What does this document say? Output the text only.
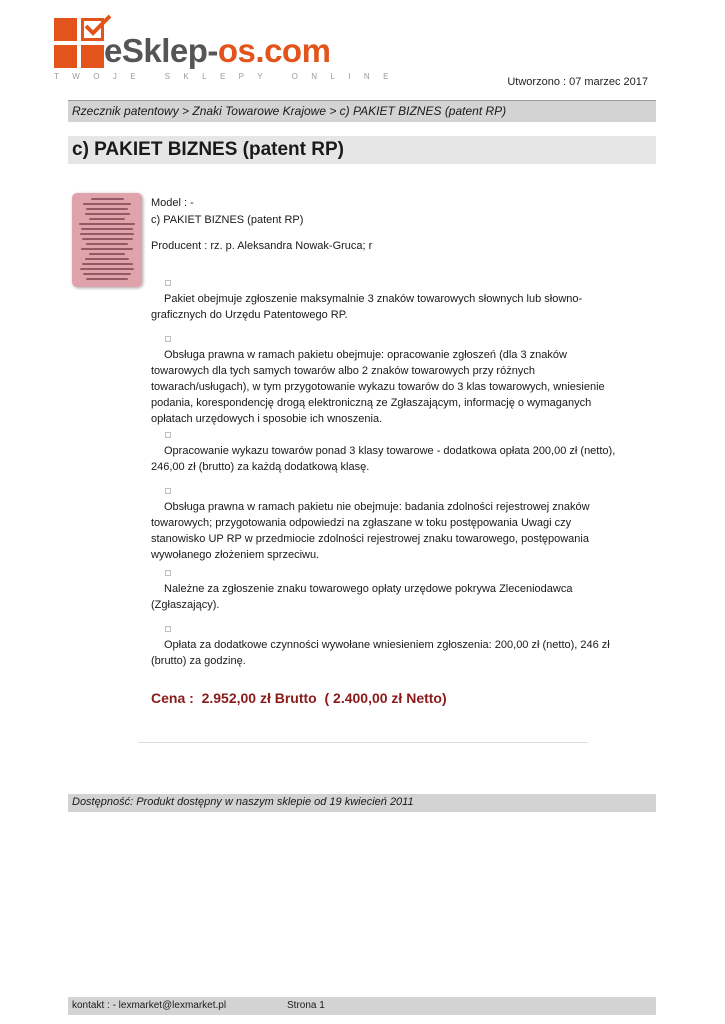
eSklep-os.com
TWOJE SKLEPY ONLINE	Utworzono : 07 marzec 2017
Rzecznik patentowy > Znaki Towarowe Krajowe > c) PAKIET BIZNES (patent RP)
c) PAKIET BIZNES (patent RP)
Model : -
c) PAKIET BIZNES (patent RP)
Producent : rz. p. Aleksandra Nowak-Gruca; r
Pakiet obejmuje zgłoszenie maksymalnie 3 znaków towarowych słownych lub słowno-graficznych do Urzędu Patentowego RP.
Obsługa prawna w ramach pakietu obejmuje: opracowanie zgłoszeń (dla 3 znaków towarowych dla tych samych towarów albo 2 znaków towarowych przy różnych towarach/usługach), w tym przygotowanie wykazu towarów do 3 klas towarowych, wniesienie podania, korespondencję drogą elektroniczną ze Zgłaszającym, informację o wymaganych opłatach urzędowych i sposobie ich wnoszenia.
Opracowanie wykazu towarów ponad 3 klasy towarowe - dodatkowa opłata 200,00 zł (netto), 246,00 zł (brutto) za każdą dodatkową klasę.
Obsługa prawna w ramach pakietu nie obejmuje: badania zdolności rejestrowej znaków towarowych; przygotowania odpowiedzi na zgłaszane w toku postępowania Uwagi czy stanowisko UP RP w przedmiocie zdolności rejestrowej znaku towarowego, postępowania wywołanego złożeniem sprzeciwu.
Należne za zgłoszenie znaku towarowego opłaty urzędowe pokrywa Zleceniodawca (Zgłaszający).
Opłata za dodatkowe czynności wywołane wniesieniem zgłoszenia: 200,00 zł (netto), 246 zł (brutto) za godzinę.
Cena :  2.952,00 zł Brutto  ( 2.400,00 zł Netto)
Dostępność: Produkt dostępny w naszym sklepie od 19 kwiecień 2011
kontakt : - lexmarket@lexmarket.pl	Strona 1
